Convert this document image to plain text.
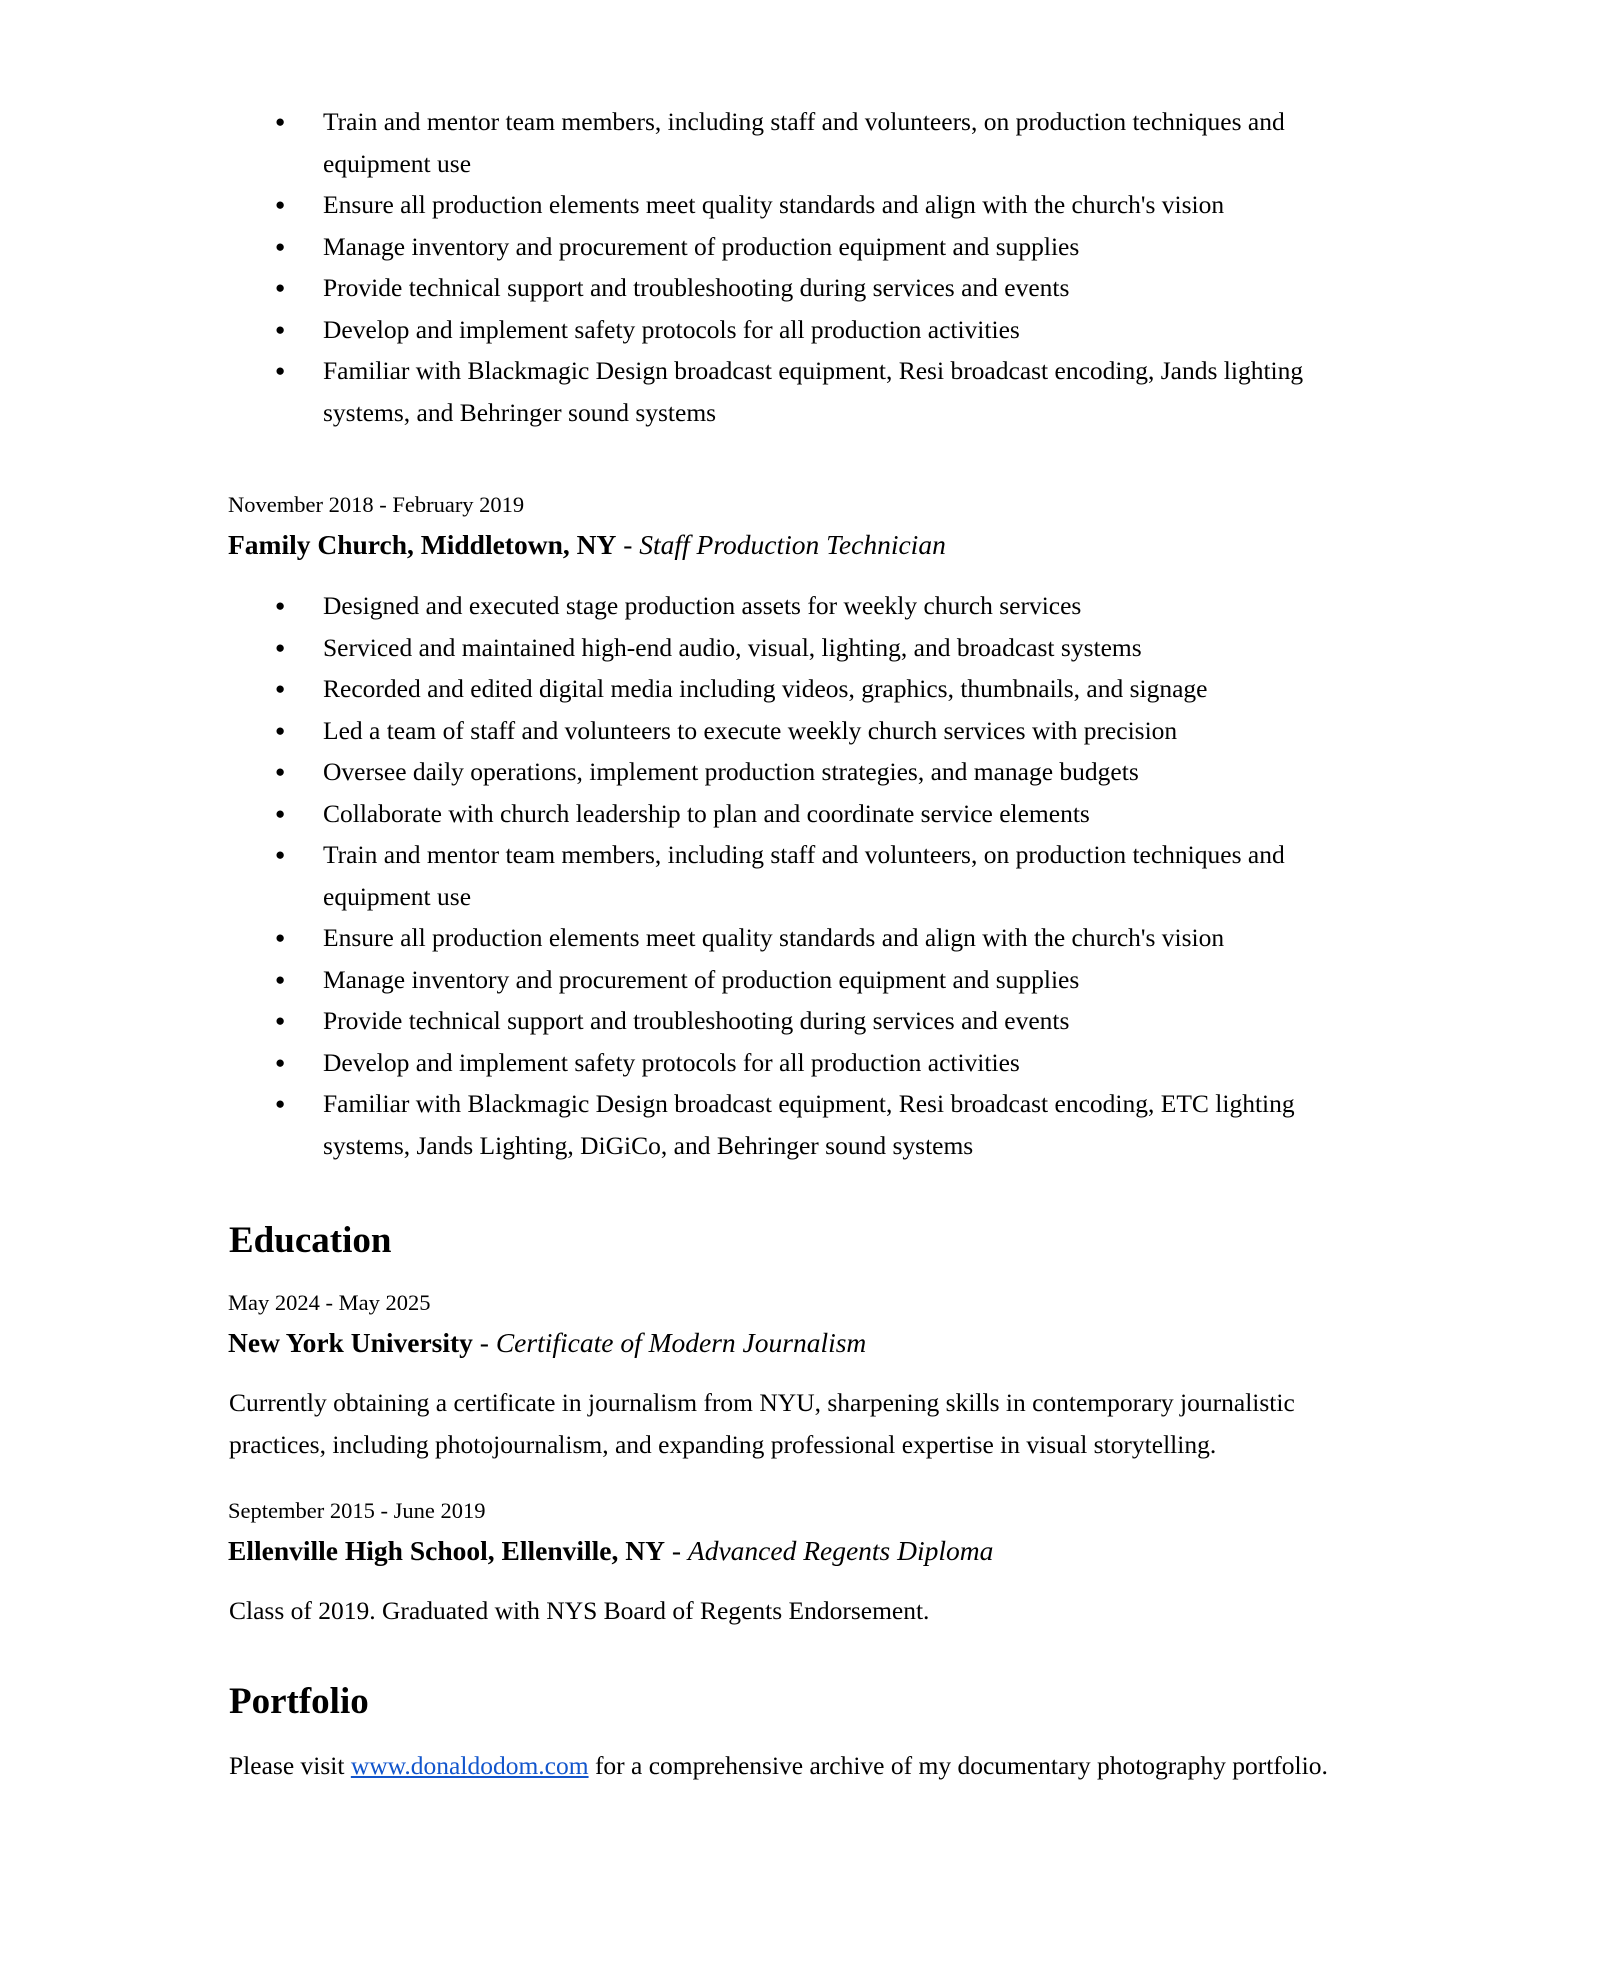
● Train and mentor team members, including staff and volunteers, on production techniques and equipment use
● Ensure all production elements meet quality standards and align with the church's vision
● Manage inventory and procurement of production equipment and supplies
● Provide technical support and troubleshooting during services and events
● Develop and implement safety protocols for all production activities
● Familiar with Blackmagic Design broadcast equipment, Resi broadcast encoding, Jands lighting systems, and Behringer sound systems
November 2018 - February 2019
Family Church, Middletown, NY - Staff Production Technician
● Designed and executed stage production assets for weekly church services
● Serviced and maintained high-end audio, visual, lighting, and broadcast systems
● Recorded and edited digital media including videos, graphics, thumbnails, and signage
● Led a team of staff and volunteers to execute weekly church services with precision
● Oversee daily operations, implement production strategies, and manage budgets
● Collaborate with church leadership to plan and coordinate service elements
● Train and mentor team members, including staff and volunteers, on production techniques and equipment use
● Ensure all production elements meet quality standards and align with the church's vision
● Manage inventory and procurement of production equipment and supplies
● Provide technical support and troubleshooting during services and events
● Develop and implement safety protocols for all production activities
● Familiar with Blackmagic Design broadcast equipment, Resi broadcast encoding, ETC lighting systems, Jands Lighting, DiGiCo, and Behringer sound systems
Education
May 2024 - May 2025
New York University - Certificate of Modern Journalism

Currently obtaining a certificate in journalism from NYU, sharpening skills in contemporary journalistic practices, including photojournalism, and expanding professional expertise in visual storytelling.

September 2015 - June 2019
Ellenville High School, Ellenville, NY - Advanced Regents Diploma

Class of 2019. Graduated with NYS Board of Regents Endorsement.

Portfolio

Please visit www.donaldodom.com for a comprehensive archive of my documentary photography portfolio.
